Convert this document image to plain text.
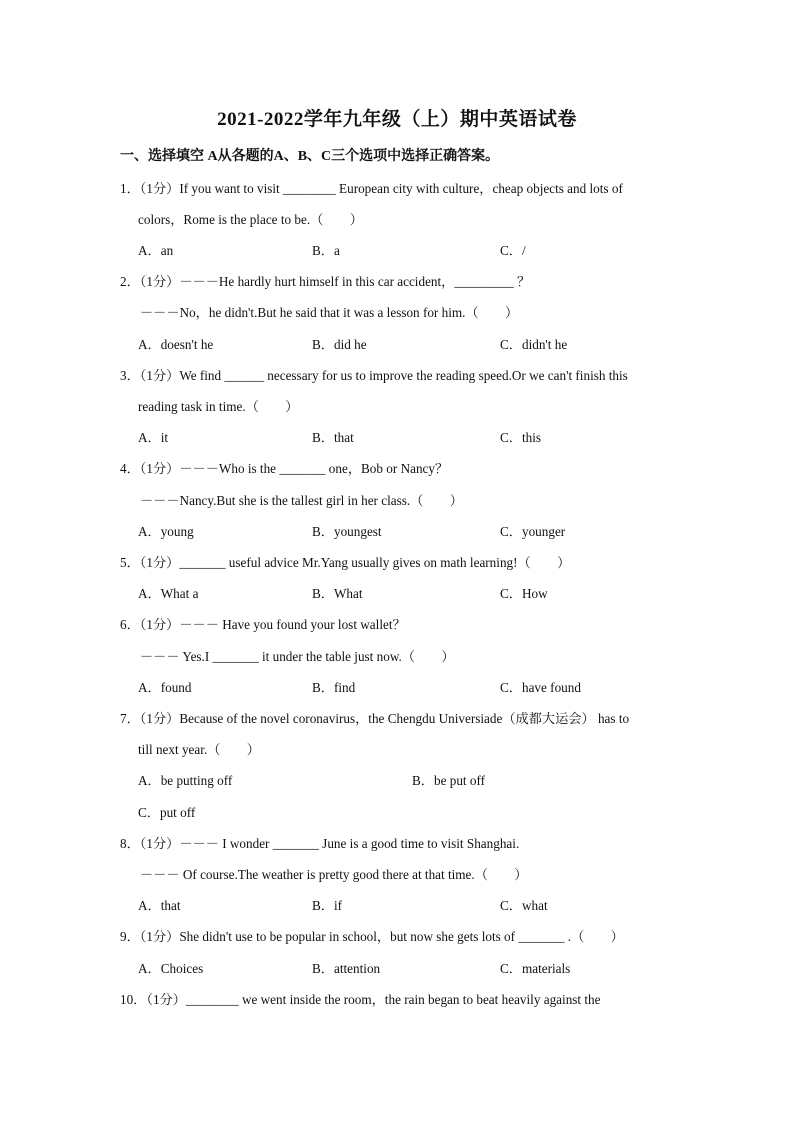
2021-2022学年九年级（上）期中英语试卷
一、选择填空 A从各题的A、B、C三个选项中选择正确答案。
1．（1分）If you want to visit ________ European city with culture，cheap objects and lots of
colors，Rome is the place to be.（　　）
A．an	B．a	C．/
2．（1分）－－－He hardly hurt himself in this car accident，_________ ？
－－－No，he didn't.But he said that it was a lesson for him.（　　）
A．doesn't he	B．did he	C．didn't he
3．（1分）We find ______ necessary for us to improve the reading speed.Or we can't finish this
reading task in time.（　　）
A．it	B．that	C．this
4．（1分）－－－Who is the _______ one，Bob or Nancy？
－－－Nancy.But she is the tallest girl in her class.（　　）
A．young	B．youngest	C．younger
5．（1分）_______ useful advice Mr.Yang usually gives on math learning!（　　）
A．What a	B．What	C．How
6．（1分）－－－ Have you found your lost wallet？
－－－ Yes.I _______ it under the table just now.（　　）
A．found	B．find	C．have found
7．（1分）Because of the novel coronavirus，the Chengdu Universiade（成都大运会） has to
till next year.（　　）
A．be putting off	B．be put off
C．put off
8．（1分）－－－ I wonder _______ June is a good time to visit Shanghai.
－－－ Of course.The weather is pretty good there at that time.（　　）
A．that	B．if	C．what
9．（1分）She didn't use to be popular in school，but now she gets lots of _______ .（　　）
A．Choices	B．attention	C．materials
10．（1分）________ we went inside the room，the rain began to beat heavily against the
